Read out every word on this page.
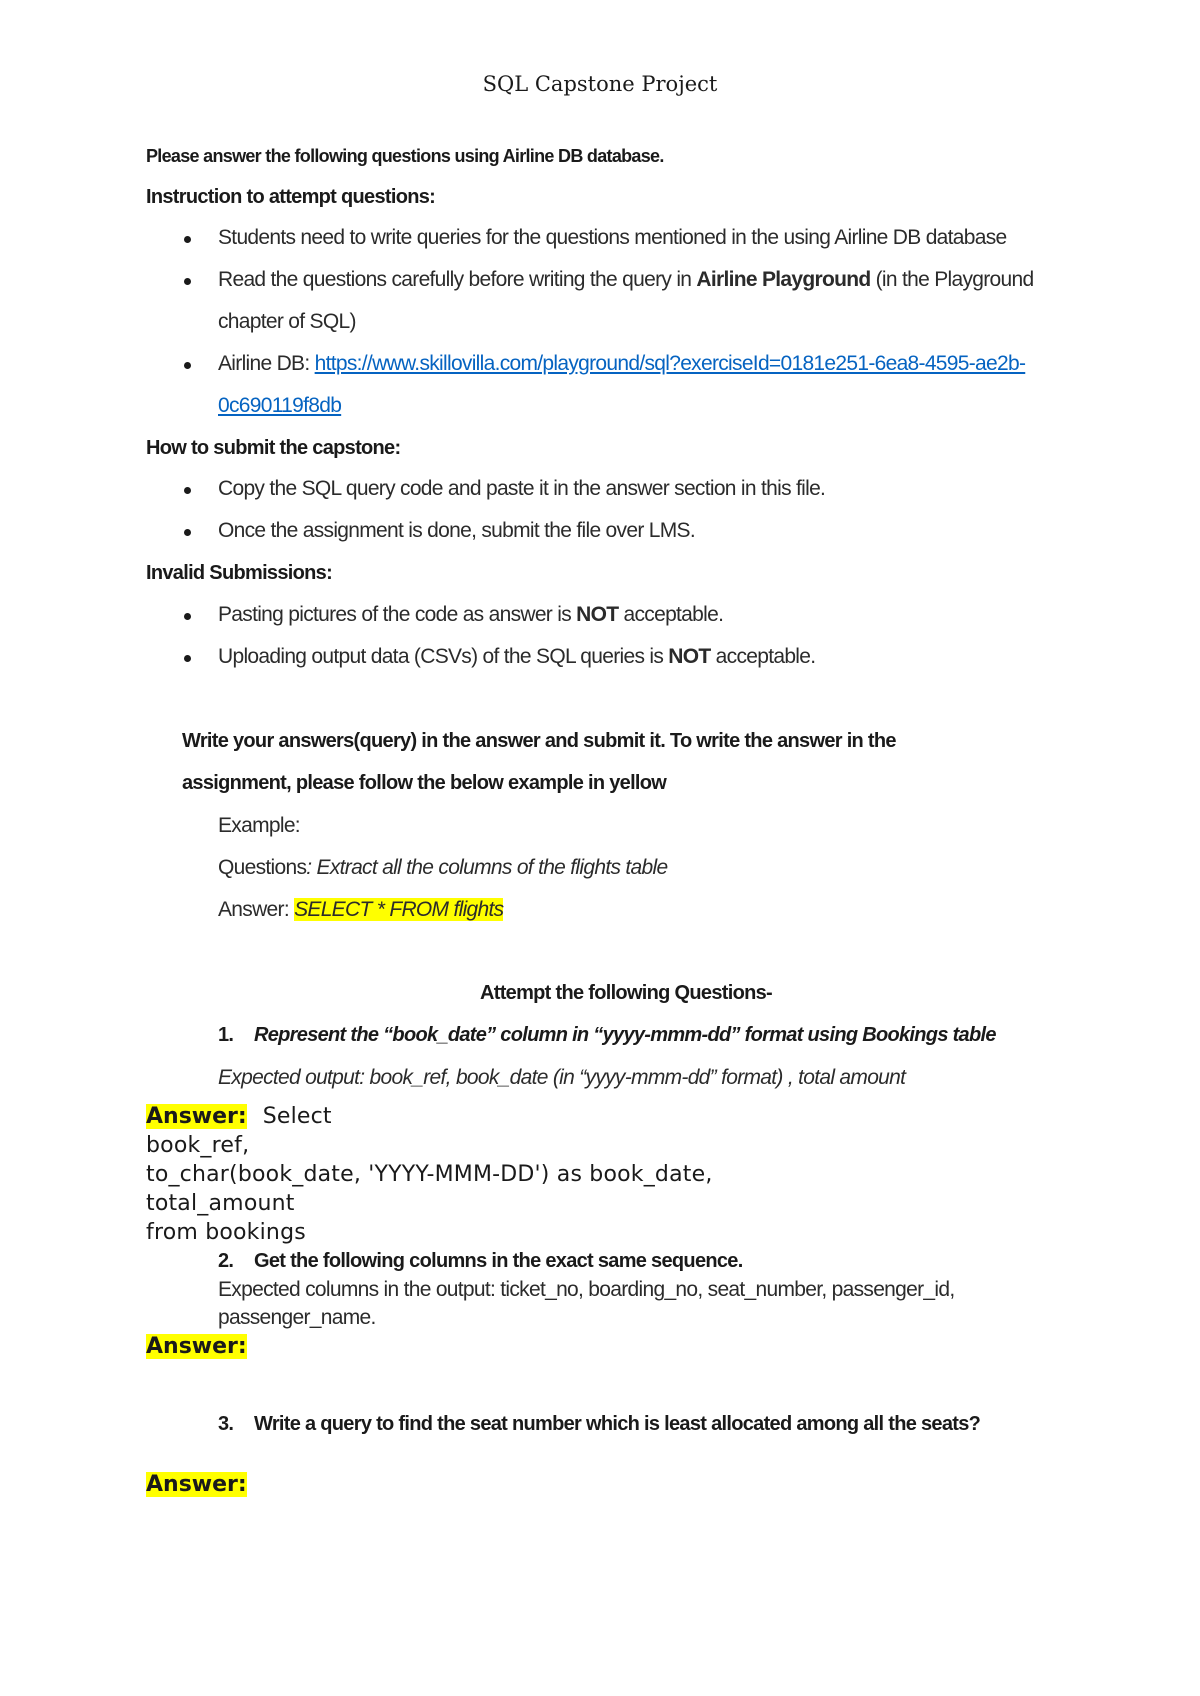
SQL Capstone Project
Please answer the following questions using Airline DB database.
Instruction to attempt questions:
Students need to write queries for the questions mentioned in the using Airline DB database
Read the questions carefully before writing the query in Airline Playground (in the Playground
chapter of SQL)
Airline DB: https://www.skillovilla.com/playground/sql?exerciseId=0181e251-6ea8-4595-ae2b-
0c690119f8db
How to submit the capstone:
Copy the SQL query code and paste it in the answer section in this file.
Once the assignment is done, submit the file over LMS.
Invalid Submissions:
Pasting pictures of the code as answer is NOT acceptable.
Uploading output data (CSVs) of the SQL queries is NOT acceptable.
Write your answers(query) in the answer and submit it. To write the answer in the
assignment, please follow the below example in yellow
Example:
Questions: Extract all the columns of the flights table
Answer: SELECT * FROM flights
Attempt the following Questions-
1. Represent the “book_date” column in “yyyy-mmm-dd” format using Bookings table
Expected output: book_ref, book_date (in “yyyy-mmm-dd” format) , total amount
Answer: Select
book_ref,
to_char(book_date, 'YYYY-MMM-DD') as book_date,
total_amount
from bookings
2. Get the following columns in the exact same sequence.
Expected columns in the output: ticket_no, boarding_no, seat_number, passenger_id,
passenger_name.
Answer:
3. Write a query to find the seat number which is least allocated among all the seats?
Answer:
